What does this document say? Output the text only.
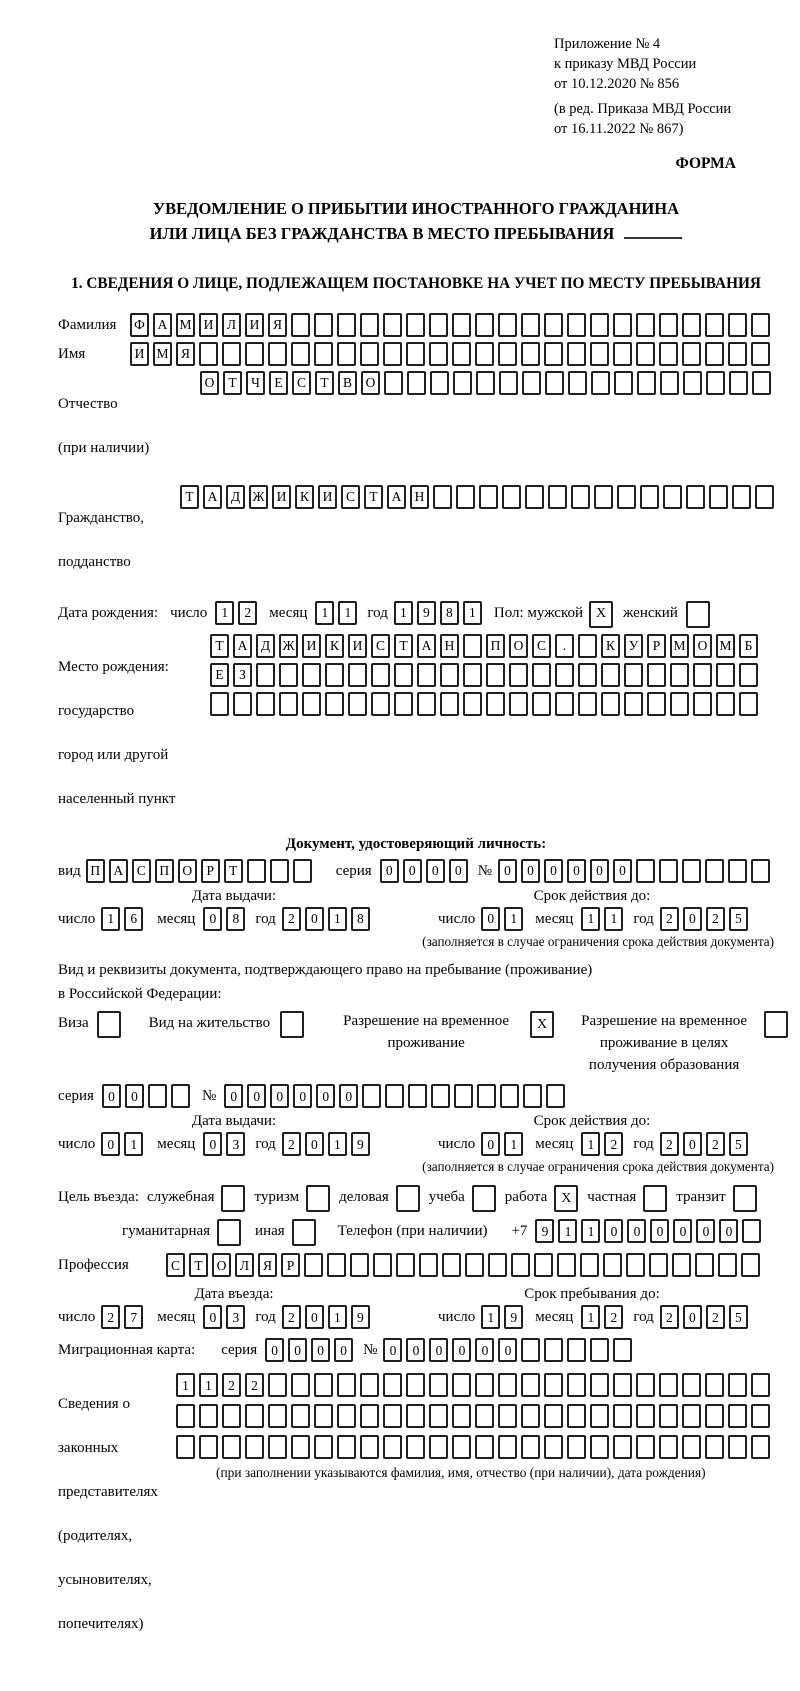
Приложение № 4
к приказу МВД России
от 10.12.2020 № 856
(в ред. Приказа МВД России
от 16.11.2022 № 867)
ФОРМА
УВЕДОМЛЕНИЕ О ПРИБЫТИИ ИНОСТРАННОГО ГРАЖДАНИНА
ИЛИ ЛИЦА БЕЗ ГРАЖДАНСТВА В МЕСТО ПРЕБЫВАНИЯ
1. СВЕДЕНИЯ О ЛИЦЕ, ПОДЛЕЖАЩЕМ ПОСТАНОВКЕ НА УЧЕТ ПО МЕСТУ ПРЕБЫВАНИЯ
Фамилия	Ф А М И	Л	И	Я
Имя	И М Я

Отчество

(при наличии)

О	Т	Ч	Е	С	Т	В	О

Гражданство,

подданство

Т	А	Д Ж И	К	И	С	Т	А Н
Дата рождения: число	1	2	месяц	1	1	год 1	9	8	1	Пол: мужской X	женский

Место рождения:

государство

город или другой

населенный пункт

Т	А	Д Ж И	К	И	С	Т	А Н	П О	С	.	К	У	Р М О М Б
Е	З
Документ, удостоверяющий личность:
вид П А	С	П О	Р	Т	серия	0	0	0	0	№ 0	0	0	0	0	0
Дата выдачи:
число 1	6	месяц	0	8	год 2	0	1	8
Срок действия до:
число 0	1	месяц	1	1	год 2	0	2	5
(заполняется в случае ограничения срока действия документа)
Вид и реквизиты документа, подтверждающего право на пребывание (проживание)
в Российской Федерации:
Виза	Вид на жительство	Разрешение на временное
проживание
X	Разрешение на временное
проживание в целях
получения образования
серия	0	0	№	0	0	0	0	0	0
Дата выдачи:
число 0	1	месяц	0	3	год 2	0	1	9
Срок действия до:
число 0	1	месяц	1	2	год 2	0	2	5
(заполняется в случае ограничения срока действия документа)
Цель въезда: служебная	туризм	деловая	учеба	работа X	частная	транзит
гуманитарная	иная	Телефон (при наличии) +7	9	1	1	0	0	0	0	0	0
Профессия	С	Т	О	Л	Я	Р
Дата въезда:
число 2	7	месяц	0	3	год 2	0	1	9
Срок пребывания до:
число 1	9	месяц	1	2	год 2	0	2	5
Миграционная карта: серия	0	0	0	0	№ 0	0	0	0	0	0

Сведения о

законных

представителях

(родителях,

усыновителях,

попечителях)

1	1	2	2
(при заполнении указываются фамилия, имя, отчество (при наличии), дата рождения)
